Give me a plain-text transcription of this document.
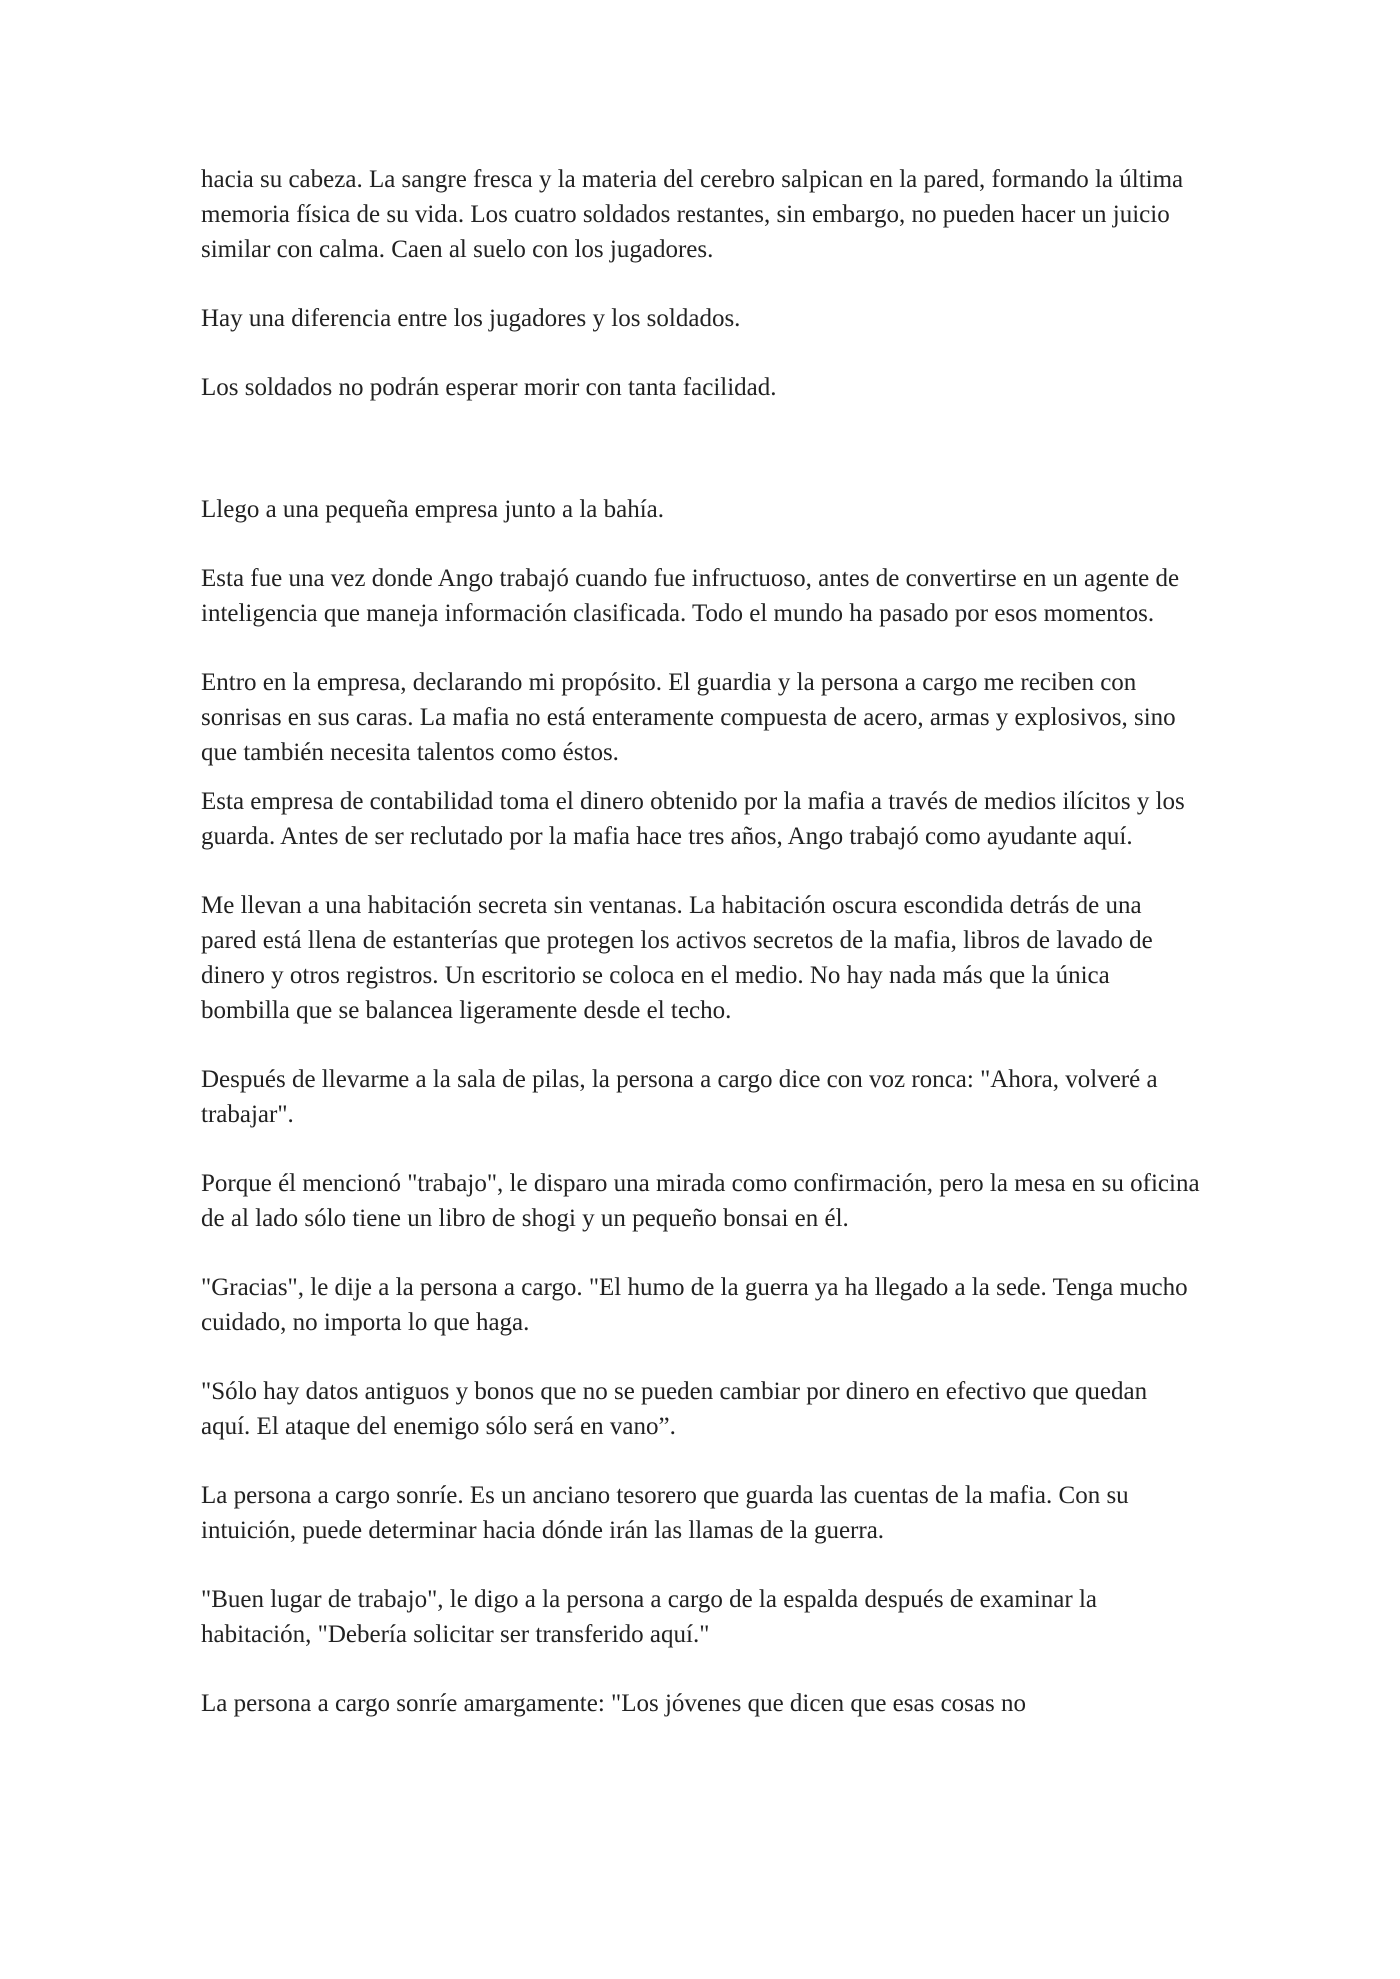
hacia su cabeza. La sangre fresca y la materia del cerebro salpican en la pared, formando la última memoria física de su vida. Los cuatro soldados restantes, sin embargo, no pueden hacer un juicio similar con calma. Caen al suelo con los jugadores.

Hay una diferencia entre los jugadores y los soldados.

Los soldados no podrán esperar morir con tanta facilidad.

Llego a una pequeña empresa junto a la bahía.

Esta fue una vez donde Ango trabajó cuando fue infructuoso, antes de convertirse en un agente de inteligencia que maneja información clasificada. Todo el mundo ha pasado por esos momentos.

Entro en la empresa, declarando mi propósito. El guardia y la persona a cargo me reciben con sonrisas en sus caras. La mafia no está enteramente compuesta de acero, armas y explosivos, sino que también necesita talentos como éstos.

Esta empresa de contabilidad toma el dinero obtenido por la mafia a través de medios ilícitos y los guarda. Antes de ser reclutado por la mafia hace tres años, Ango trabajó como ayudante aquí.

Me llevan a una habitación secreta sin ventanas. La habitación oscura escondida detrás de una pared está llena de estanterías que protegen los activos secretos de la mafia, libros de lavado de dinero y otros registros. Un escritorio se coloca en el medio. No hay nada más que la única bombilla que se balancea ligeramente desde el techo.

Después de llevarme a la sala de pilas, la persona a cargo dice con voz ronca: "Ahora, volveré a trabajar".

Porque él mencionó "trabajo", le disparo una mirada como confirmación, pero la mesa en su oficina de al lado sólo tiene un libro de shogi y un pequeño bonsai en él.

"Gracias", le dije a la persona a cargo. "El humo de la guerra ya ha llegado a la sede. Tenga mucho cuidado, no importa lo que haga.

"Sólo hay datos antiguos y bonos que no se pueden cambiar por dinero en efectivo que quedan aquí. El ataque del enemigo sólo será en vano”.

La persona a cargo sonríe. Es un anciano tesorero que guarda las cuentas de la mafia. Con su intuición, puede determinar hacia dónde irán las llamas de la guerra.

"Buen lugar de trabajo", le digo a la persona a cargo de la espalda después de examinar la habitación, "Debería solicitar ser transferido aquí."

La persona a cargo sonríe amargamente: "Los jóvenes que dicen que esas cosas no
